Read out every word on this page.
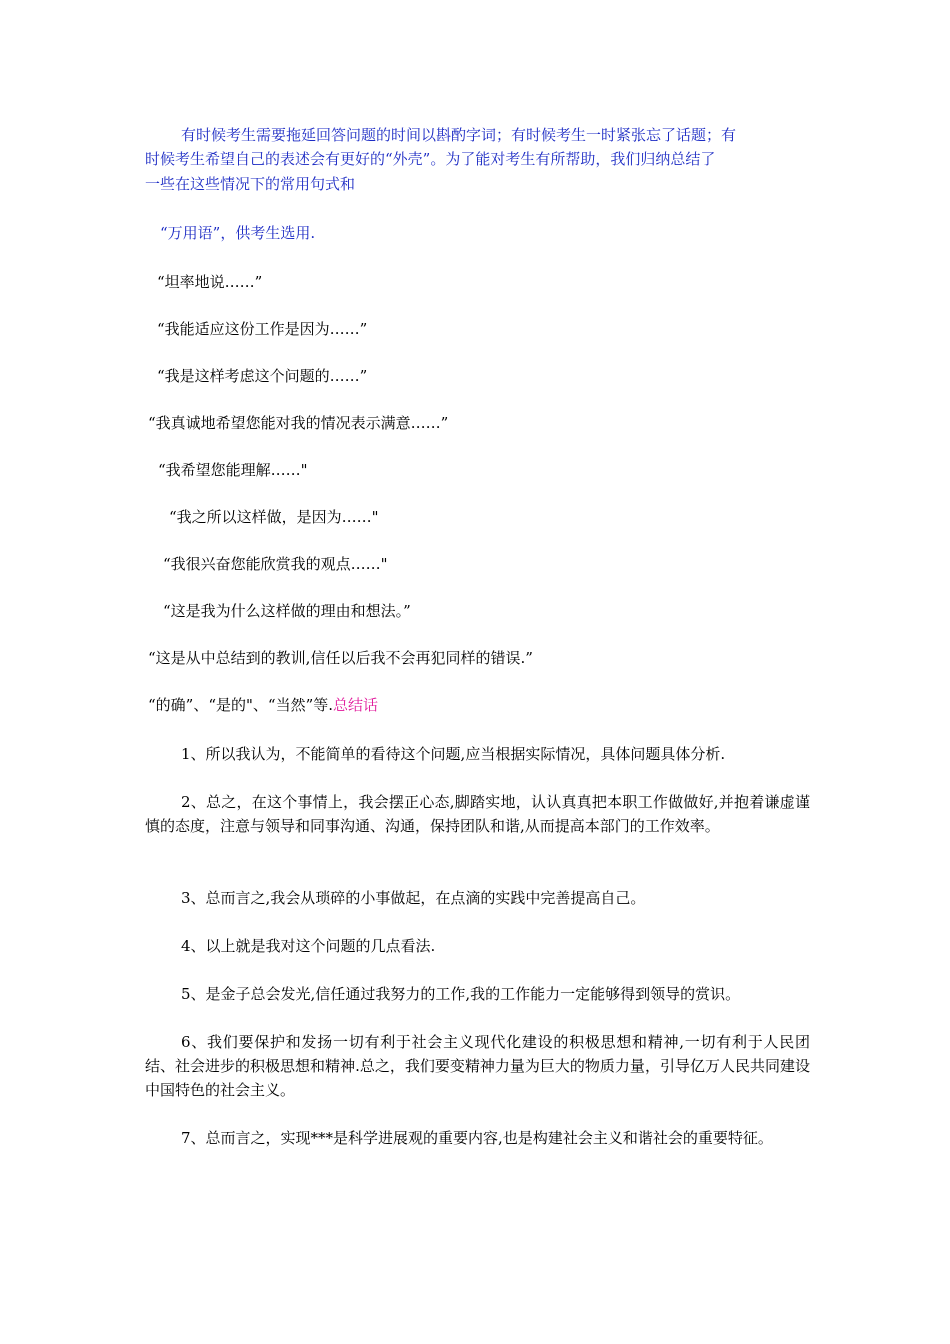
有时候考生需要拖延回答问题的时间以斟酌字词；有时候考生一时紧张忘了话题；有
时候考生希望自己的表述会有更好的“外壳”。为了能对考生有所帮助，我们归纳总结了
一些在这些情况下的常用句式和
“万用语”，供考生选用.
“坦率地说……”
“我能适应这份工作是因为……”
“我是这样考虑这个问题的……”
“我真诚地希望您能对我的情况表示满意……”
“我希望您能理解……"
“我之所以这样做，是因为……"
“我很兴奋您能欣赏我的观点……"
“这是我为什么这样做的理由和想法。”
“这是从中总结到的教训,信任以后我不会再犯同样的错误.”
“的确”、“是的"、“当然”等.总结话
1、所以我认为，不能简单的看待这个问题,应当根据实际情况，具体问题具体分析.
2、总之，在这个事情上，我会摆正心态,脚踏实地，认认真真把本职工作做做好,并抱着谦虚谨慎的态度，注意与领导和同事沟通、沟通，保持团队和谐,从而提高本部门的工作效率。
3、总而言之,我会从琐碎的小事做起，在点滴的实践中完善提高自己。
4、以上就是我对这个问题的几点看法.
5、是金子总会发光,信任通过我努力的工作,我的工作能力一定能够得到领导的赏识。
6、我们要保护和发扬一切有利于社会主义现代化建设的积极思想和精神,一切有利于人民团结、社会进步的积极思想和精神.总之，我们要变精神力量为巨大的物质力量，引导亿万人民共同建设中国特色的社会主义。
7、总而言之，实现***是科学进展观的重要内容,也是构建社会主义和谐社会的重要特征。
